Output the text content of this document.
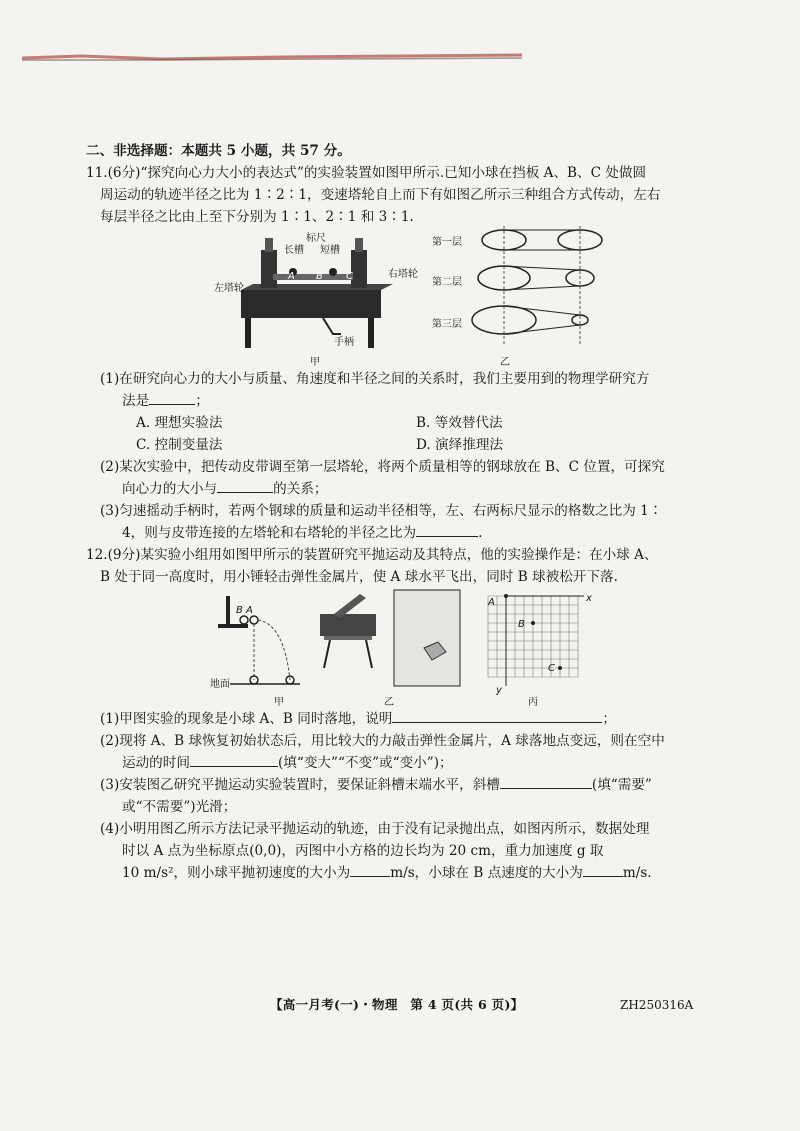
二、非选择题：本题共 5 小题，共 57 分。
11.(6分)“探究向心力大小的表达式”的实验装置如图甲所示.已知小球在挡板 A、B、C 处做圆
周运动的轨迹半径之比为 1∶2∶1，变速塔轮自上而下有如图乙所示三种组合方式传动，左右
每层半径之比由上至下分别为 1∶1、2∶1 和 3∶1.
标尺
长槽 短槽
左塔轮
右塔轮
手柄
A B C
甲
第一层
第二层
第三层
乙
(1)在研究向心力的大小与质量、角速度和半径之间的关系时，我们主要用到的物理学研究方
法是	；
A. 理想实验法	B. 等效替代法
C. 控制变量法	D. 演绎推理法
(2)某次实验中，把传动皮带调至第一层塔轮，将两个质量相等的钢球放在 B、C 位置，可探究
向心力的大小与	的关系；
(3)匀速摇动手柄时，若两个钢球的质量和运动半径相等，左、右两标尺显示的格数之比为 1∶
4，则与皮带连接的左塔轮和右塔轮的半径之比为	.
12.(9分)某实验小组用如图甲所示的装置研究平抛运动及其特点，他的实验操作是：在小球 A、
B 处于同一高度时，用小锤轻击弹性金属片，使 A 球水平飞出，同时 B 球被松开下落.
B A
地面
甲	乙
A
B
C
x
y
丙
(1)甲图实验的现象是小球 A、B 同时落地，说明	；
(2)现将 A、B 球恢复初始状态后，用比较大的力敲击弹性金属片，A 球落地点变远，则在空中
运动的时间	(填“变大”“不变”或“变小”)；
(3)安装图乙研究平抛运动实验装置时，要保证斜槽末端水平，斜槽	(填“需要”
或“不需要”)光滑；
(4)小明用图乙所示方法记录平抛运动的轨迹，由于没有记录抛出点，如图丙所示，数据处理
时以 A 点为坐标原点(0,0)，丙图中小方格的边长均为 20 cm，重力加速度 g 取
10 m/s²，则小球平抛初速度的大小为	m/s，小球在 B 点速度的大小为	m/s.
【高一月考(一)・物理　第 4 页(共 6 页)】	ZH250316A
